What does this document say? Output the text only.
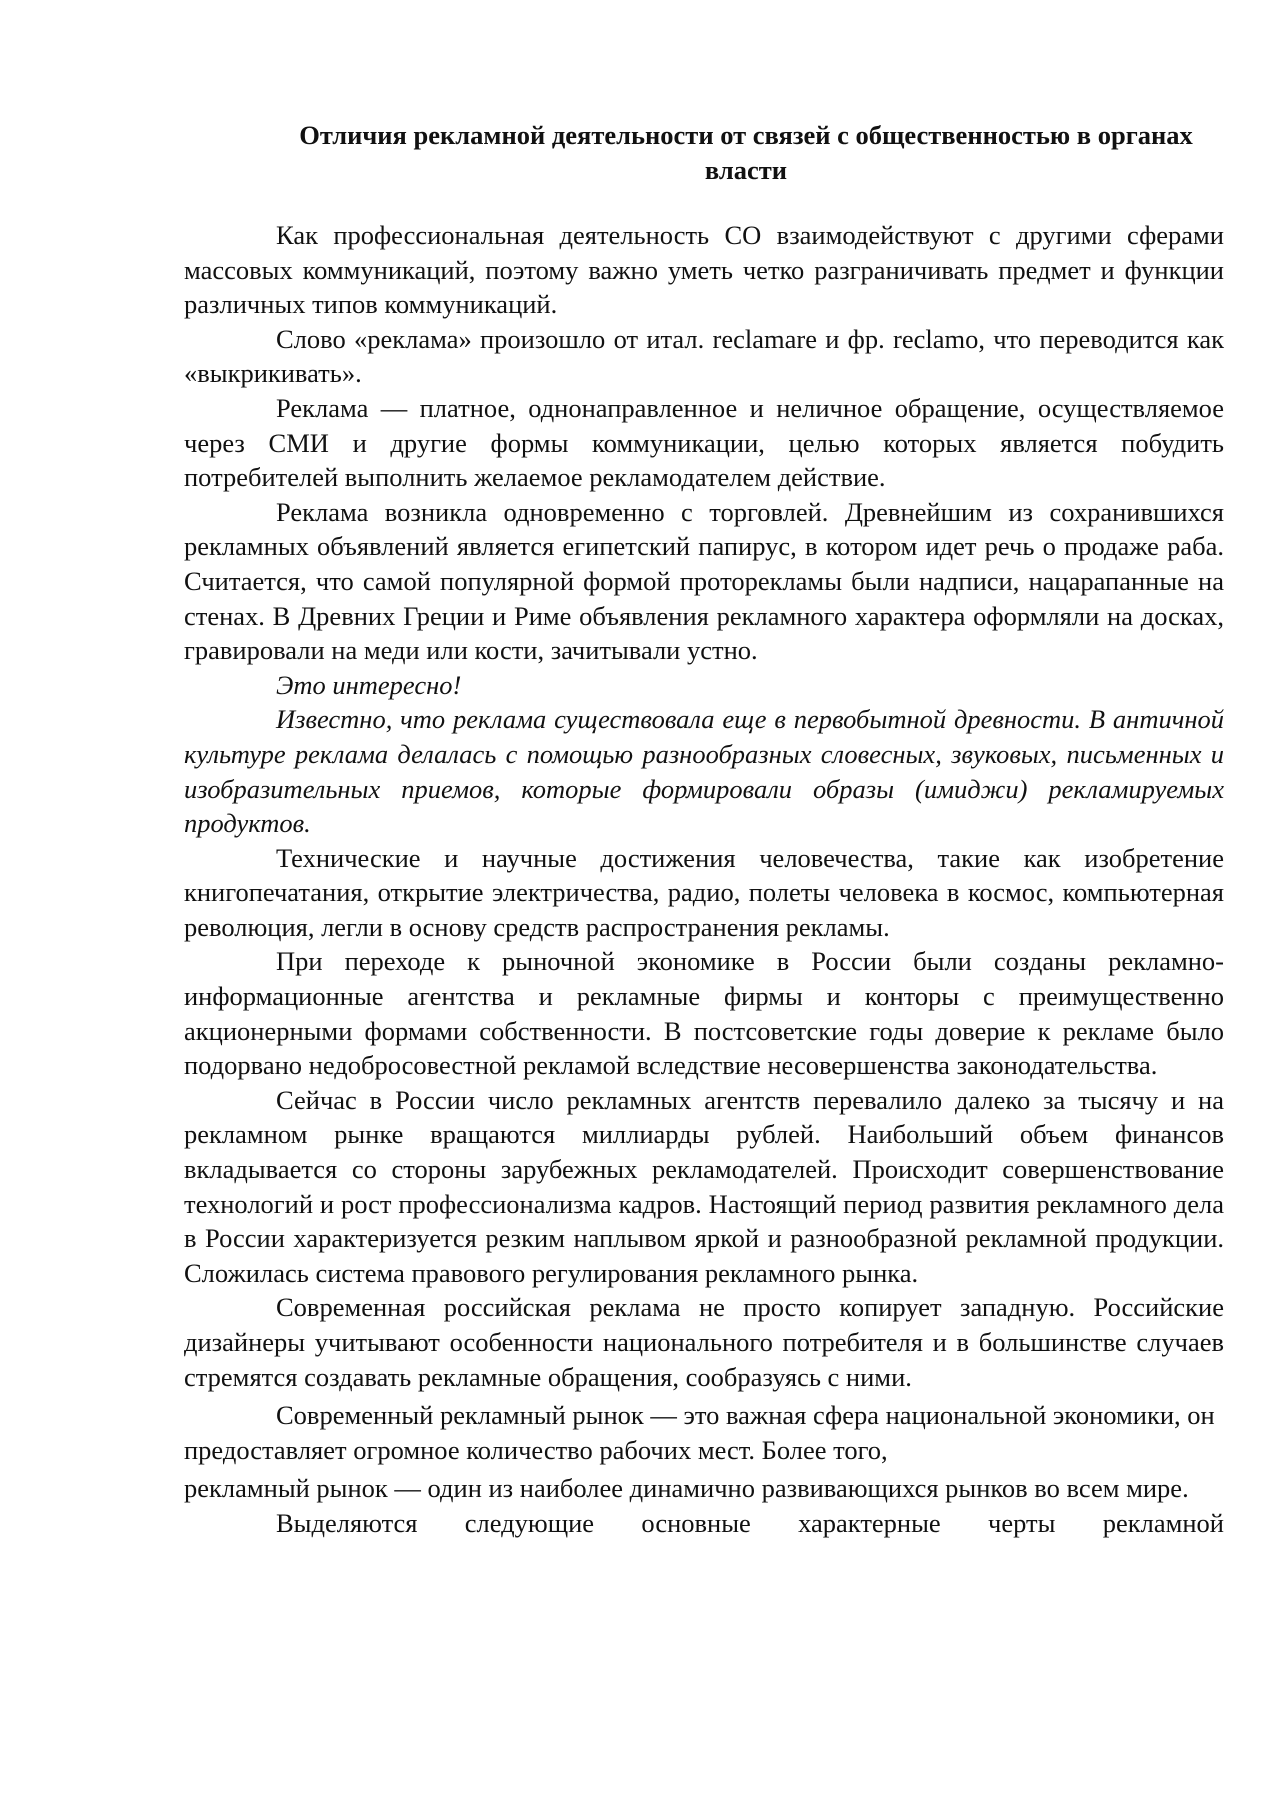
Отличия рекламной деятельности от связей с общественностью в органах власти

Как профессиональная деятельность СО взаимодействуют с другими сферами массовых коммуникаций, поэтому важно уметь четко разграничивать предмет и функции различных типов коммуникаций.

Слово «реклама» произошло от итал. reclamare и фр. reclamo, что переводится как «выкрикивать».

Реклама — платное, однонаправленное и неличное обращение, осуществляемое через СМИ и другие формы коммуникации, целью которых является побудить потребителей выполнить желаемое рекламодателем действие.

Реклама возникла одновременно с торговлей. Древнейшим из сохранившихся рекламных объявлений является египетский папирус, в котором идет речь о продаже раба. Считается, что самой популярной формой проторекламы были надписи, нацарапанные на стенах. В Древних Греции и Риме объявления рекламного характера оформляли на досках, гравировали на меди или кости, зачитывали устно.

Это интересно!

Известно, что реклама существовала еще в первобытной древности. В античной культуре реклама делалась с помощью разнообразных словесных, звуковых, письменных и изобразительных приемов, которые формировали образы (имиджи) рекламируемых продуктов.

Технические и научные достижения человечества, такие как изобретение книгопечатания, открытие электричества, радио, полеты человека в космос, компьютерная революция, легли в основу средств распространения рекламы.

При переходе к рыночной экономике в России были созданы рекламно-информационные агентства и рекламные фирмы и конторы с преимущественно акционерными формами собственности. В постсоветские годы доверие к рекламе было подорвано недобросовестной рекламой вследствие несовершенства законодательства.

Сейчас в России число рекламных агентств перевалило далеко за тысячу и на рекламном рынке вращаются миллиарды рублей. Наибольший объем финансов вкладывается со стороны зарубежных рекламодателей. Происходит совершенствование технологий и рост профессионализма кадров. Настоящий период развития рекламного дела в России характеризуется резким наплывом яркой и разнообразной рекламной продукции. Сложилась система правового регулирования рекламного рынка.

Современная российская реклама не просто копирует западную. Российские дизайнеры учитывают особенности национального потребителя и в большинстве случаев стремятся создавать рекламные обращения, сообразуясь с ними.

Современный рекламный рынок — это важная сфера национальной экономики, он предоставляет огромное количество рабочих мест. Более того,

рекламный рынок — один из наиболее динамично развивающихся рынков во всем мире.

Выделяются следующие основные характерные черты рекламной
